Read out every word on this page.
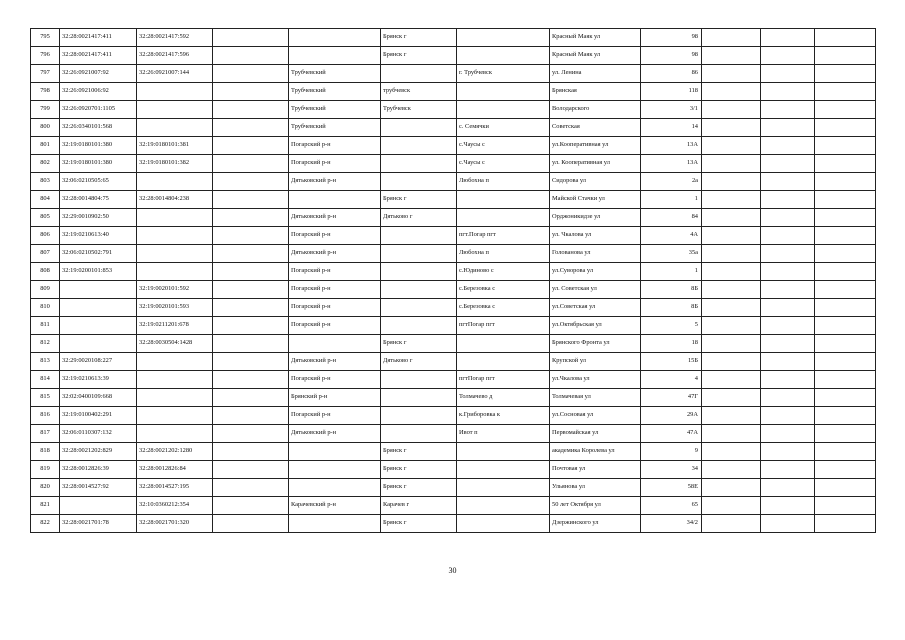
795	32:28:0021417:411	32:28:0021417:592			Брянск г		Красный Маяк ул	98			
796	32:28:0021417:411	32:28:0021417:596			Брянск г		Красный Маяк ул	98			
797	32:26:0921007:92	32:26:0921007:144		Трубчевский		г. Трубчевск	ул. Ленина	86			
798	32:26:0921006:92			Трубчевский	трубчевск		Брянская	118			
799	32:26:0920701:1105			Трубчевский	Трубчевск		Володарского	3/1			
800	32:26:0340101:568			Трубчевский		с. Семячки	Советская	14			
801	32:19:0180101:380	32:19:0180101:381		Погарский р-н		с.Чаусы с	ул.Кооперативная ул	13А			
802	32:19:0180101:380	32:19:0180101:382		Погарский р-н		с.Чаусы с	ул. Кооперативная ул	13А			
803	32:06:0210505:65			Дятьковский р-н		Любохна п	Сидорова ул	2а			
804	32:28:0014804:75	32:28:0014804:238			Брянск г		Майской Стачки ул	1			
805	32:29:0010902:50			Дятьковский р-н	Дятьково г		Орджоникидзе ул	84			
806	32:19:0210613:40			Погарский р-н		пгт.Погар пгт	ул. Чкалова ул	4А			
807	32:06:0210502:791			Дятьковский р-н		Любохна п	Голованова ул	35а			
808	32:19:0200101:853			Погарский р-н		с.Юдиново с	ул.Суворова ул	1			
809		32:19:0020101:592		Погарский р-н		с.Березовка с	ул. Советская ул	8Б			
810		32:19:0020101:593		Погарский р-н		с.Березовка с	ул.Советская ул	8Б			
811		32:19:0211201:678		Погарский р-н		пгтПогар пгт	ул.Октябрьская ул	5			
812		32:28:0030504:1428			Брянск г		Брянского Фронта ул	18			
813	32:29:0020108:227			Дятьковский р-н	Дятьково г		Крупской ул	15Б			
814	32:19:0210613:39			Погарский р-н		пгтПогар пгт	ул.Чкалова ул	4			
815	32:02:0400109:668			Брянский р-н		Толмачево д	Толмачевая ул	47Г			
816	32:19:0100402:291			Погарский р-н		к.Гриборовка к	ул.Сосновая ул	29А			
817	32:06:0110307:132			Дятьковский р-н		Ивот п	Первомайская ул	47А			
818	32:28:0021202:829	32:28:0021202:1280			Брянск г		академика Королева ул	9			
819	32:28:0012826:39	32:28:0012826:84			Брянск г		Почтовая ул	34			
820	32:28:0014527:92	32:28:0014527:195			Брянск г		Ульянова ул	58Е			
821		32:10:0360212:354		Карачевский р-н	Карачев г		50 лет Октября ул	65			
822	32:28:0021701:78	32:28:0021701:320			Брянск г		Дзержинского ул	34/2			
30
